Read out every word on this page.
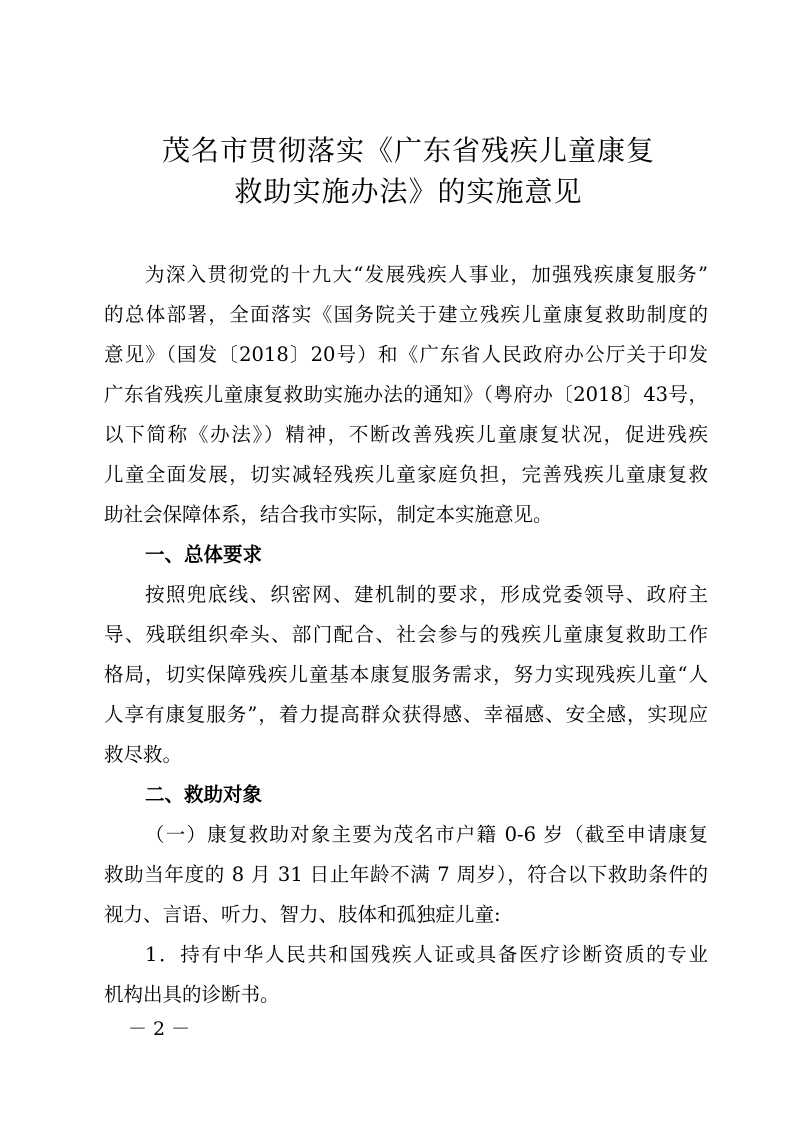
茂名市贯彻落实《广东省残疾儿童康复
救助实施办法》的实施意见
为深入贯彻党的十九大“发展残疾人事业，加强残疾康复服务”
的总体部署，全面落实《国务院关于建立残疾儿童康复救助制度的
意见》（国发〔2018〕20号）和《广东省人民政府办公厅关于印发
广东省残疾儿童康复救助实施办法的通知》（粤府办〔2018〕43号，
以下简称《办法》）精神，不断改善残疾儿童康复状况，促进残疾
儿童全面发展，切实减轻残疾儿童家庭负担，完善残疾儿童康复救
助社会保障体系，结合我市实际，制定本实施意见。
一、总体要求
按照兜底线、织密网、建机制的要求，形成党委领导、政府主
导、残联组织牵头、部门配合、社会参与的残疾儿童康复救助工作
格局，切实保障残疾儿童基本康复服务需求，努力实现残疾儿童“人
人享有康复服务”，着力提高群众获得感、幸福感、安全感，实现应
救尽救。
二、救助对象
（一）康复救助对象主要为茂名市户籍 0-6 岁（截至申请康复
救助当年度的 8 月 31 日止年龄不满 7 周岁），符合以下救助条件的
视力、言语、听力、智力、肢体和孤独症儿童:
1．持有中华人民共和国残疾人证或具备医疗诊断资质的专业
机构出具的诊断书。
－ 2 －
